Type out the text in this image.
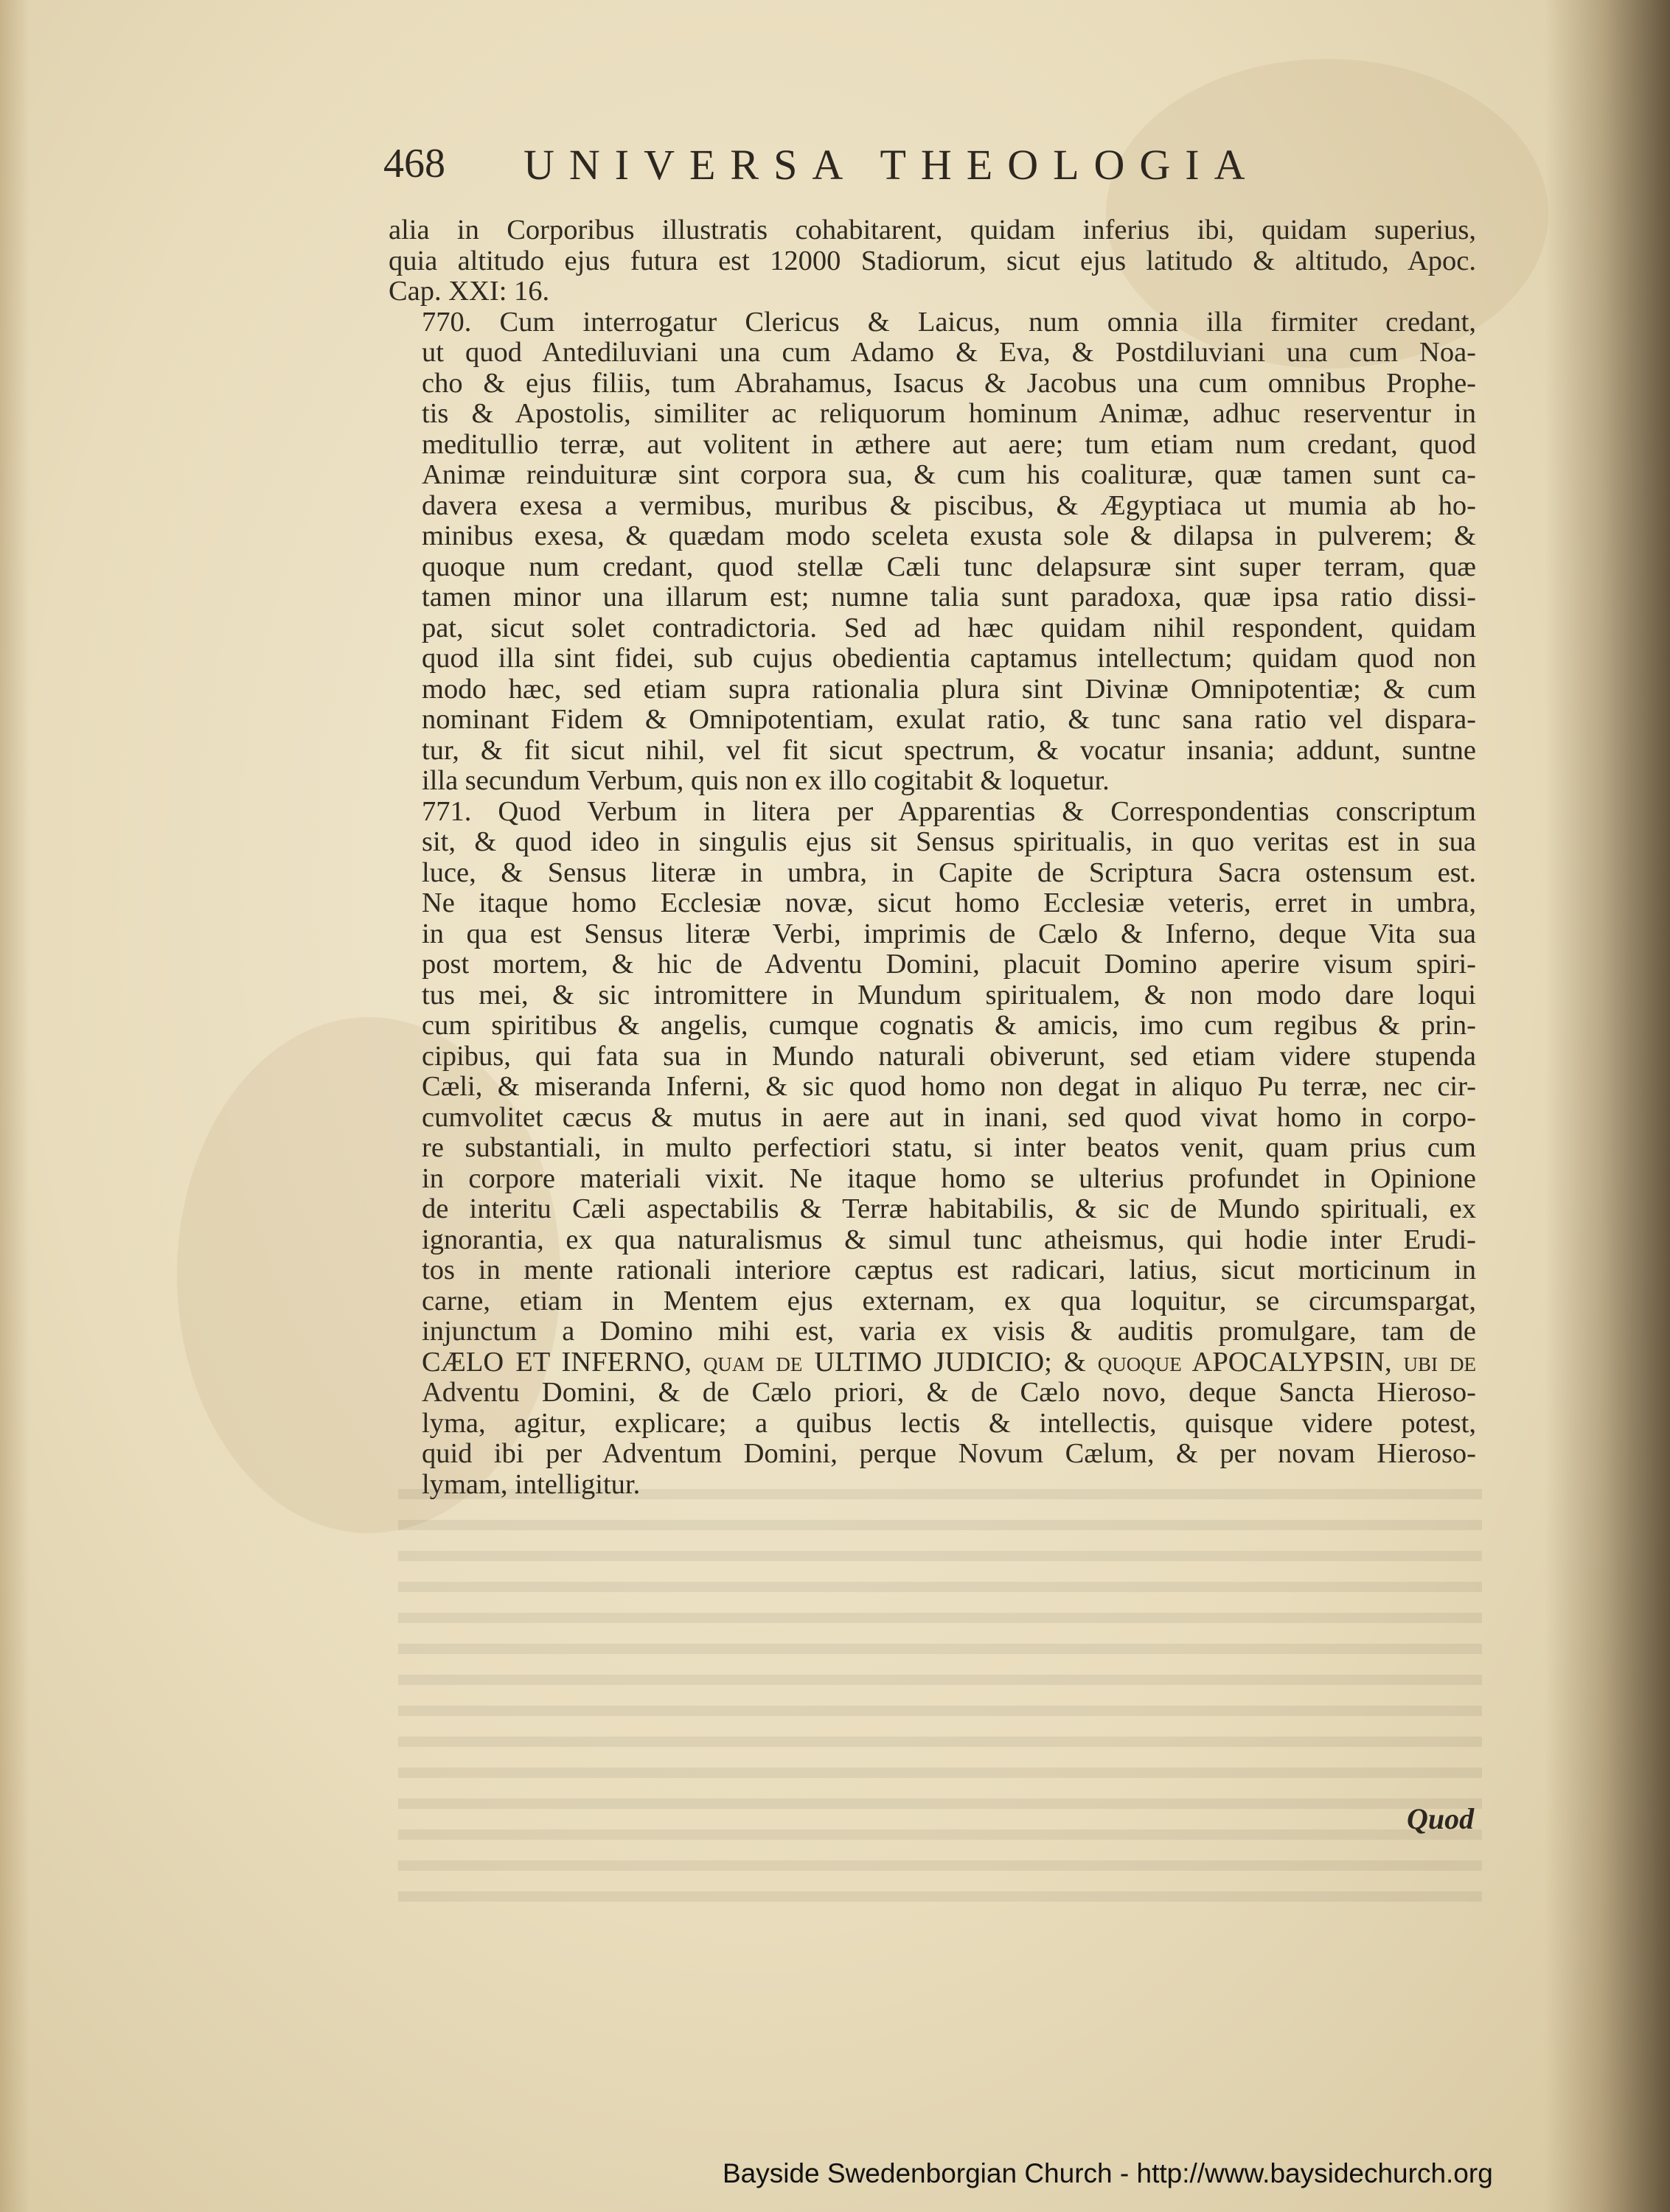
468 UNIVERSA THEOLOGIA

alia in Corporibus illustratis cohabitarent, quidam inferius ibi, quidam superius,
quia altitudo ejus futura est 12000 Stadiorum, sicut ejus latitudo & altitudo, Apoc.
Cap. XXI: 16.

770. Cum interrogatur Clericus & Laicus, num omnia illa firmiter credant,
ut quod Antediluviani una cum Adamo & Eva, & Postdiluviani una cum Noa-
cho & ejus filiis, tum Abrahamus, Isacus & Jacobus una cum omnibus Prophe-
tis & Apostolis, similiter ac reliquorum hominum Animæ, adhuc reserventur in
meditullio terræ, aut volitent in æthere aut aere; tum etiam num credant, quod
Animæ reinduituræ sint corpora sua, & cum his coalituræ, quæ tamen sunt ca-
davera exesa a vermibus, muribus & piscibus, & Ægyptiaca ut mumia ab ho-
minibus exesa, & quædam modo sceleta exusta sole & dilapsa in pulverem; &
quoque num credant, quod stellæ Cæli tunc delapsuræ sint super terram, quæ
tamen minor una illarum est; numne talia sunt paradoxa, quæ ipsa ratio dissi-
pat, sicut solet contradictoria. Sed ad hæc quidam nihil respondent, quidam
quod illa sint fidei, sub cujus obedientia captamus intellectum; quidam quod non
modo hæc, sed etiam supra rationalia plura sint Divinæ Omnipotentiæ; & cum
nominant Fidem & Omnipotentiam, exulat ratio, & tunc sana ratio vel dispara-
tur, & fit sicut nihil, vel fit sicut spectrum, & vocatur insania; addunt, suntne
illa secundum Verbum, quis non ex illo cogitabit & loquetur.

771. Quod Verbum in litera per Apparentias & Correspondentias conscriptum
sit, & quod ideo in singulis ejus sit Sensus spiritualis, in quo veritas est in sua
luce, & Sensus literæ in umbra, in Capite de Scriptura Sacra ostensum est.
Ne itaque homo Ecclesiæ novæ, sicut homo Ecclesiæ veteris, erret in umbra,
in qua est Sensus literæ Verbi, imprimis de Cælo & Inferno, deque Vita sua
post mortem, & hic de Adventu Domini, placuit Domino aperire visum spiri-
tus mei, & sic intromittere in Mundum spiritualem, & non modo dare loqui
cum spiritibus & angelis, cumque cognatis & amicis, imo cum regibus & prin-
cipibus, qui fata sua in Mundo naturali obiverunt, sed etiam videre stupenda
Cæli, & miseranda Inferni, & sic quod homo non degat in aliquo Pu terræ, nec cir-
cumvolitet cæcus & mutus in aere aut in inani, sed quod vivat homo in corpo-
re substantiali, in multo perfectiori statu, si inter beatos venit, quam prius cum
in corpore materiali vixit. Ne itaque homo se ulterius profundet in Opinione
de interitu Cæli aspectabilis & Terræ habitabilis, & sic de Mundo spirituali, ex
ignorantia, ex qua naturalismus & simul tunc atheismus, qui hodie inter Erudi-
tos in mente rationali interiore cæptus est radicari, latius, sicut morticinum in
carne, etiam in Mentem ejus externam, ex qua loquitur, se circumspargat,
injunctum a Domino mihi est, varia ex visis & auditis promulgare, tam de
CÆLO ET INFERNO, quam de ULTIMO JUDICIO; & quoque APOCALYPSIN, ubi de
Adventu Domini, & de Cælo priori, & de Cælo novo, deque Sancta Hieroso-
lyma, agitur, explicare; a quibus lectis & intellectis, quisque videre potest,
quid ibi per Adventum Domini, perque Novum Cælum, & per novam Hieroso-
lymam, intelligitur.

Quod
Bayside Swedenborgian Church - http://www.baysidechurch.org
